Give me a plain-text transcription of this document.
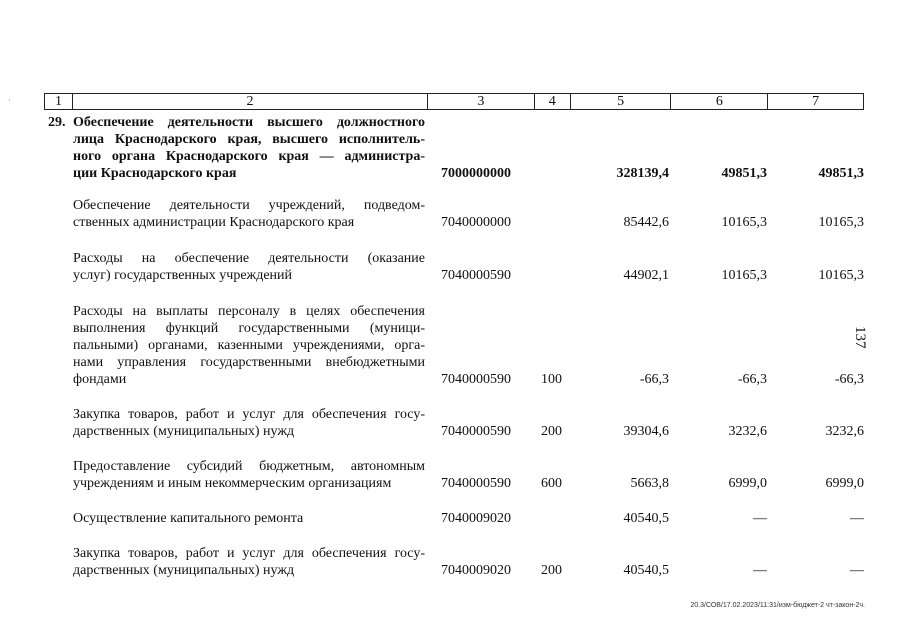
·	1	2	3	4	5	6	7
29. Обеспечение деятельности высшего должностного
лица Краснодарского края, высшего исполнитель-
ного органа Краснодарского края — администра-
ции Краснодарского края	7000000000	328139,4	49851,3	49851,3
Обеспечение деятельности учреждений, подведом-
ственных администрации Краснодарского края	7040000000	85442,6	10165,3	10165,3
Расходы на обеспечение деятельности (оказание
услуг) государственных учреждений	7040000590	44902,1	10165,3	10165,3
Расходы на выплаты персоналу в целях обеспечения
выполнения функций государственными (муници-
пальными) органами, казенными учреждениями, орга-
нами управления государственными внебюджетными
фондами	7040000590 100	-66,3	-66,3	-66,3
Закупка товаров, работ и услуг для обеспечения госу-
дарственных (муниципальных) нужд	7040000590 200	39304,6	3232,6	3232,6
Предоставление субсидий бюджетным, автономным
учреждениям и иным некоммерческим организациям	7040000590 600	5663,8	6999,0	6999,0
Осуществление капитального ремонта	7040009020	40540,5	—	—
Закупка товаров, работ и услуг для обеспечения госу-
дарственных (муниципальных) нужд	7040009020 200	40540,5	—	—
137
20.3/СОВ/17.02.2023/11:31/изм-бюджет-2 чт-закон-2ч.
